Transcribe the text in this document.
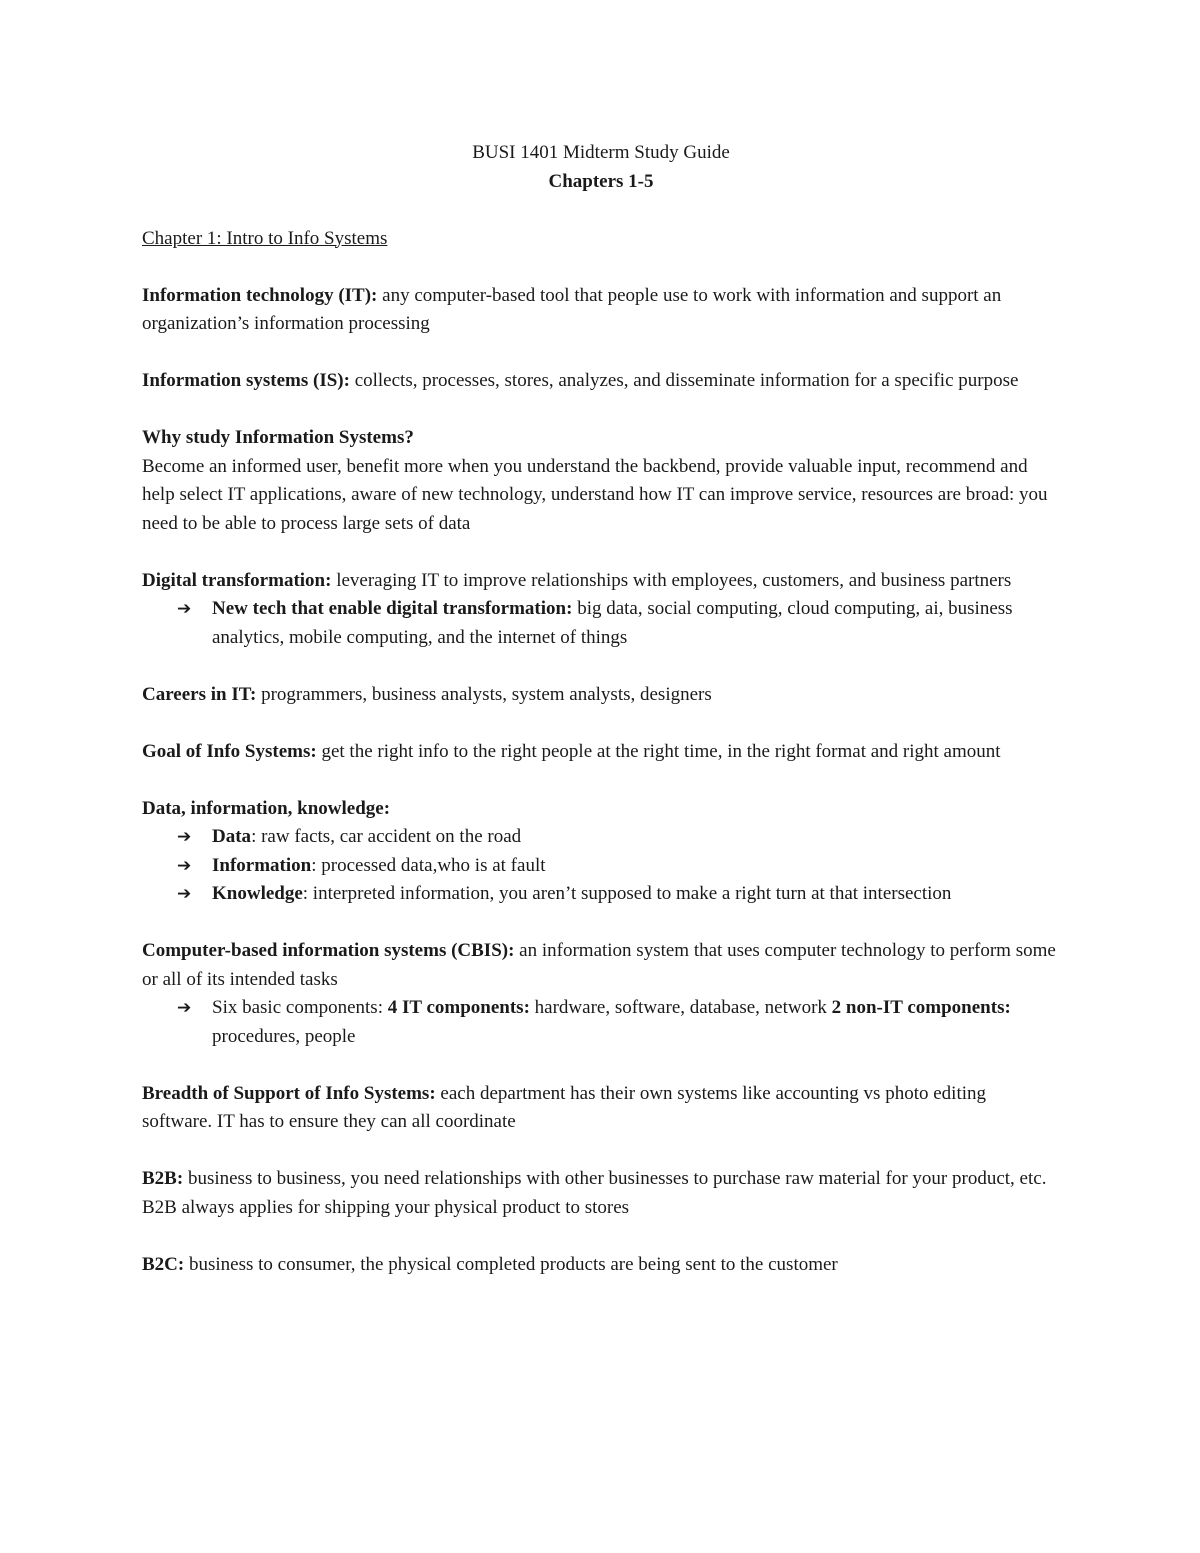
BUSI 1401 Midterm Study Guide

Chapters 1-5

Chapter 1: Intro to Info Systems

Information technology (IT): any computer-based tool that people use to work with information and support an organization’s information processing

Information systems (IS): collects, processes, stores, analyzes, and disseminate information for a specific purpose

Why study Information Systems?

Become an informed user, benefit more when you understand the backbend, provide valuable input, recommend and help select IT applications, aware of new technology, understand how IT can improve service, resources are broad: you need to be able to process large sets of data

Digital transformation: leveraging IT to improve relationships with employees, customers, and business partners

➔ New tech that enable digital transformation: big data, social computing, cloud computing, ai, business analytics, mobile computing, and the internet of things

Careers in IT: programmers, business analysts, system analysts, designers

Goal of Info Systems: get the right info to the right people at the right time, in the right format and right amount

Data, information, knowledge:

➔ Data: raw facts, car accident on the road
➔ Information: processed data,who is at fault
➔ Knowledge: interpreted information, you aren’t supposed to make a right turn at that intersection

Computer-based information systems (CBIS): an information system that uses computer technology to perform some or all of its intended tasks

➔ Six basic components: 4 IT components: hardware, software, database, network 2 non-IT components: procedures, people

Breadth of Support of Info Systems: each department has their own systems like accounting vs photo editing software. IT has to ensure they can all coordinate

B2B: business to business, you need relationships with other businesses to purchase raw material for your product, etc. B2B always applies for shipping your physical product to stores

B2C: business to consumer, the physical completed products are being sent to the customer
